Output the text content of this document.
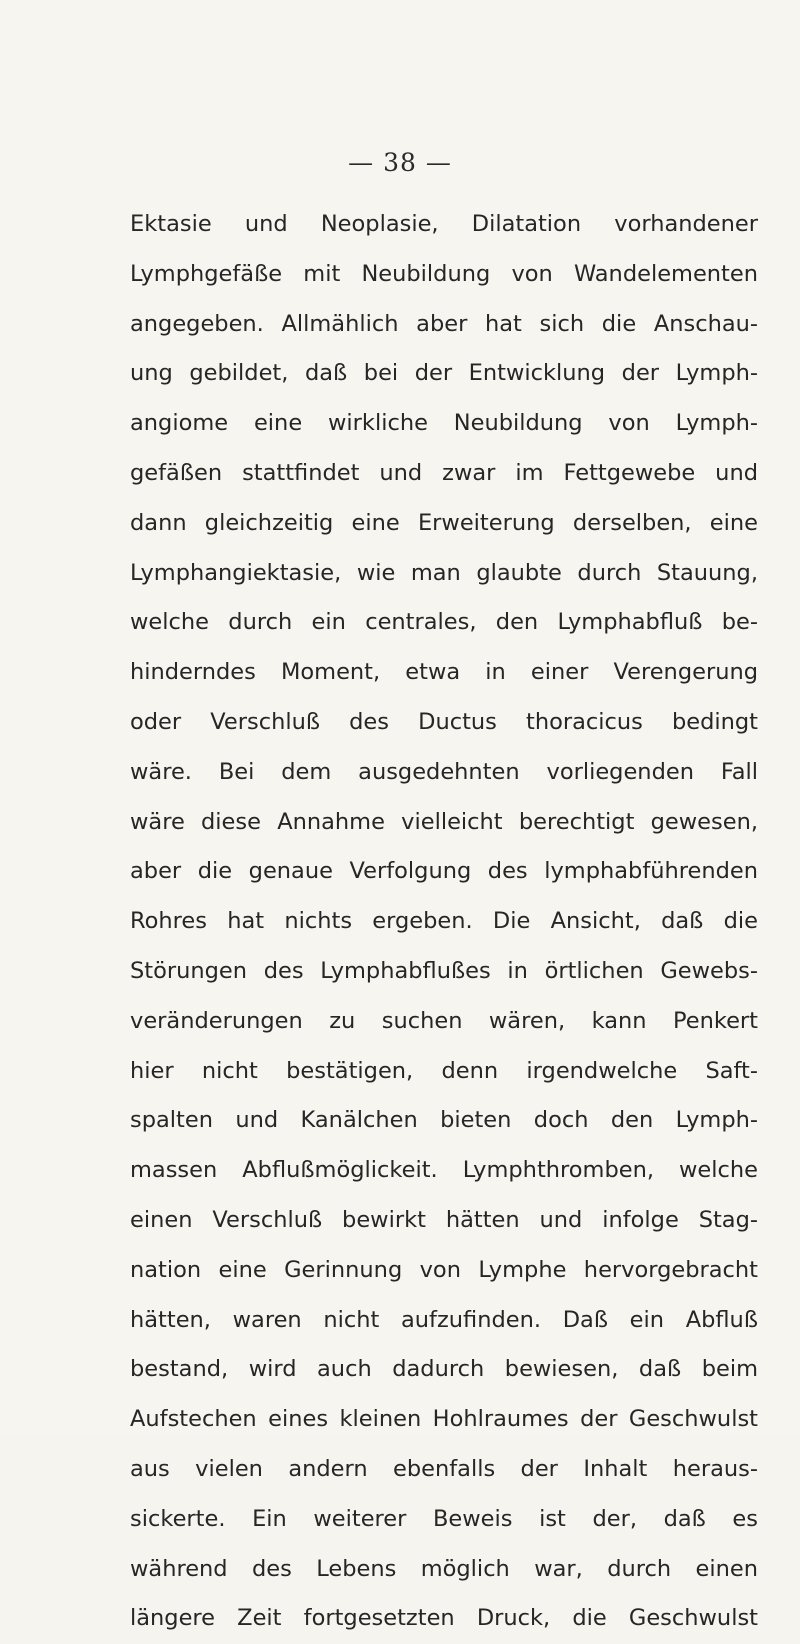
— 38 —
Ektasie und Neoplasie, Dilatation vorhandener
Lymphgefäße mit Neubildung von Wandelementen
angegeben. Allmählich aber hat sich die Anschau-
ung gebildet, daß bei der Entwicklung der Lymph-
angiome eine wirkliche Neubildung von Lymph-
gefäßen stattfindet und zwar im Fettgewebe und
dann gleichzeitig eine Erweiterung derselben, eine
Lymphangiektasie, wie man glaubte durch Stauung,
welche durch ein centrales, den Lymphabfluß be-
hinderndes Moment, etwa in einer Verengerung
oder Verschluß des Ductus thoracicus bedingt
wäre. Bei dem ausgedehnten vorliegenden Fall
wäre diese Annahme vielleicht berechtigt gewesen,
aber die genaue Verfolgung des lymphabführenden
Rohres hat nichts ergeben. Die Ansicht, daß die
Störungen des Lymphabflußes in örtlichen Gewebs-
veränderungen zu suchen wären, kann Penkert
hier nicht bestätigen, denn irgendwelche Saft-
spalten und Kanälchen bieten doch den Lymph-
massen Abflußmöglickeit. Lymphthromben, welche
einen Verschluß bewirkt hätten und infolge Stag-
nation eine Gerinnung von Lymphe hervorgebracht
hätten, waren nicht aufzufinden. Daß ein Abfluß
bestand, wird auch dadurch bewiesen, daß beim
Aufstechen eines kleinen Hohlraumes der Geschwulst
aus vielen andern ebenfalls der Inhalt heraus-
sickerte. Ein weiterer Beweis ist der, daß es
während des Lebens möglich war, durch einen
längere Zeit fortgesetzten Druck, die Geschwulst
